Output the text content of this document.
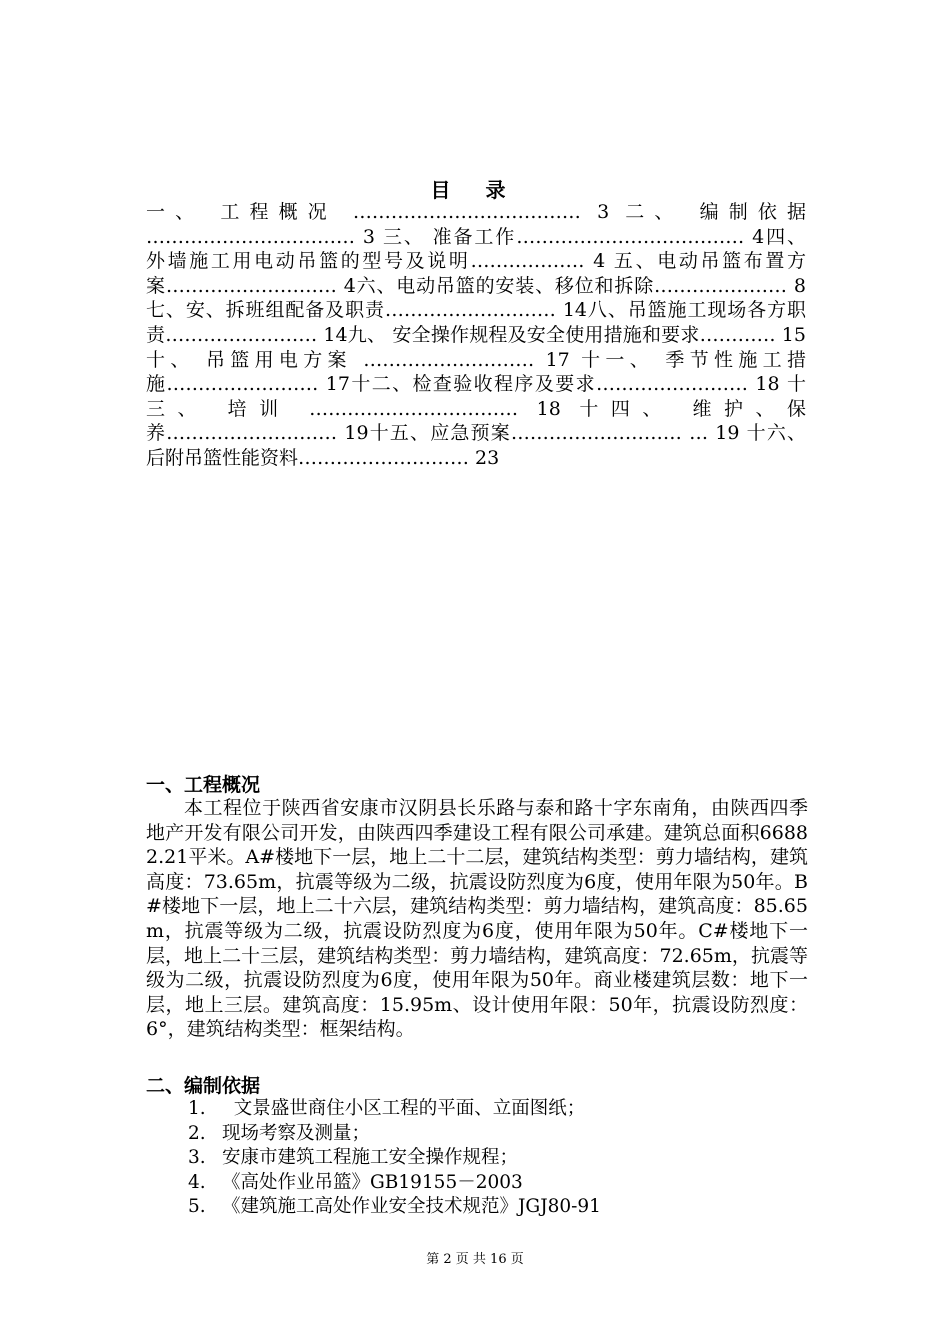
目 录
一、 工程概况 ……………………………… 3 二、 编制依据 …………………………… 3 三、 准备工作……………………………… 4四、 外墙施工用电动吊篮的型号及说明……………… 4 五、电动吊篮布置方案……………………… 4六、电动吊篮的安装、移位和拆除………………… 8七、安、拆班组配备及职责……………………… 14八、吊篮施工现场各方职责…………………… 14九、 安全操作规程及安全使用措施和要求………… 15十、 吊篮用电方案 ……………………… 17 十一、 季节性施工措施…………………… 17十二、检查验收程序及要求…………………… 18 十三、 培训 …………………………… 18 十四、 维护、保养……………………… 19十五、应急预案……………………… … 19 十六、 后附吊篮性能资料……………………… 23
一、工程概况
本工程位于陕西省安康市汉阴县长乐路与泰和路十字东南角，由陕西四季地产开发有限公司开发，由陕西四季建设工程有限公司承建。建筑总面积66882.21平米。A#楼地下一层，地上二十二层，建筑结构类型：剪力墙结构，建筑高度：73.65m，抗震等级为二级，抗震设防烈度为6度，使用年限为50年。B#楼地下一层，地上二十六层，建筑结构类型：剪力墙结构，建筑高度：85.65m，抗震等级为二级，抗震设防烈度为6度，使用年限为50年。C#楼地下一层，地上二十三层，建筑结构类型：剪力墙结构，建筑高度：72.65m，抗震等级为二级，抗震设防烈度为6度，使用年限为50年。商业楼建筑层数：地下一层，地上三层。建筑高度：15.95m、设计使用年限：50年，抗震设防烈度：6°，建筑结构类型：框架结构。
二、编制依据
1. 文景盛世商住小区工程的平面、立面图纸；
2. 现场考察及测量；
3. 安康市建筑工程施工安全操作规程；
4. 《高处作业吊篮》GB19155－2003
5. 《建筑施工高处作业安全技术规范》JGJ80-91
第 2 页 共 16 页
